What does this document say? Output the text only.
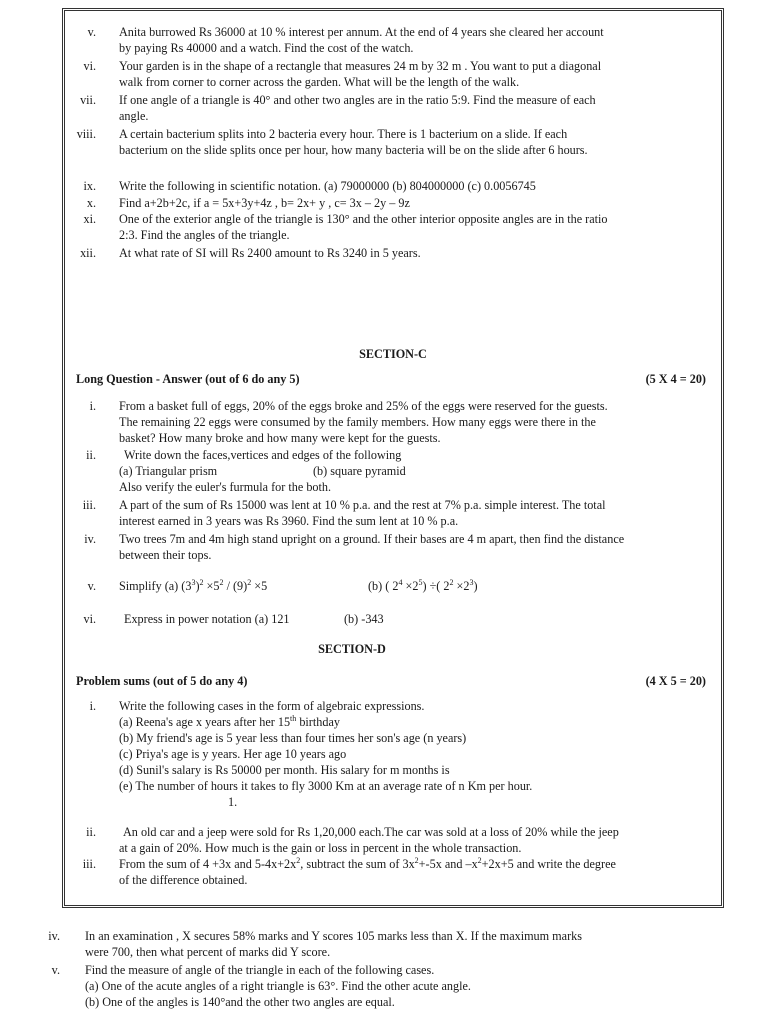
v. Anita burrowed Rs 36000 at 10 % interest per annum. At the end of 4 years she cleared her account
by paying Rs 40000 and a watch. Find the cost of the watch.
vi. Your garden is in the shape of a rectangle that measures 24 m by 32 m . You want to put a diagonal
walk from corner to corner across the garden. What will be the length of the walk.
vii. If one angle of a triangle is 40° and other two angles are in the ratio 5:9. Find the measure of each
angle.
viii. A certain bacterium splits into 2 bacteria every hour. There is 1 bacterium on a slide. If each
bacterium on the slide splits once per hour, how many bacteria will be on the slide after 6 hours.
ix. Write the following in scientific notation. (a) 79000000 (b) 804000000 (c) 0.0056745
x. Find a+2b+2c, if a = 5x+3y+4z , b= 2x+ y , c= 3x – 2y – 9z
xi. One of the exterior angle of the triangle is 130° and the other interior opposite angles are in the ratio
2:3. Find the angles of the triangle.
xii. At what rate of SI will Rs 2400 amount to Rs 3240 in 5 years.
SECTION-C
Long Question - Answer (out of 6 do any 5)	(5 X 4 = 20)
i. From a basket full of eggs, 20% of the eggs broke and 25% of the eggs were reserved for the guests.
The remaining 22 eggs were consumed by the family members. How many eggs were there in the
basket? How many broke and how many were kept for the guests.
ii. Write down the faces,vertices and edges of the following
(a) Triangular prism	(b) square pyramid
Also verify the euler's furmula for the both.
iii. A part of the sum of Rs 15000 was lent at 10 % p.a. and the rest at 7% p.a. simple interest. The total
interest earned in 3 years was Rs 3960. Find the sum lent at 10 % p.a.
iv. Two trees 7m and 4m high stand upright on a ground. If their bases are 4 m apart, then find the distance
between their tops.
v. Simplify (a) $(3^3)^2 \times 5^2 / (9)^2 \times 5$	(b) ( $2^4 \times 2^5$) ÷( $2^2 \times 2^3$)
vi. Express in power notation (a) 121	(b) -343
SECTION-D
Problem sums (out of 5 do any 4)	(4 X 5 = 20)
i. Write the following cases in the form of algebraic expressions.
(a) Reena's age x years after her 15th birthday
(b) My friend's age is 5 year less than four times her son's age (n years)
(c) Priya's age is y years. Her age 10 years ago
(d) Sunil's salary is Rs 50000 per month. His salary for m months is
(e) The number of hours it takes to fly 3000 Km at an average rate of n Km per hour.
1.
ii. An old car and a jeep were sold for Rs 1,20,000 each.The car was sold at a loss of 20% while the jeep
at a gain of 20%. How much is the gain or loss in percent in the whole transaction.
iii. From the sum of 4 +3x and $5-4x+2x^2$, subtract the sum of $3x^2+-5x$ and $-x^2+2x+5$ and write the degree
of the difference obtained.
iv. In an examination , X secures 58% marks and Y scores 105 marks less than X. If the maximum marks
were 700, then what percent of marks did Y score.
v. Find the measure of angle of the triangle in each of the following cases.
(a) One of the acute angles of a right triangle is 63°. Find the other acute angle.
(b) One of the angles is 140°and the other two angles are equal.
